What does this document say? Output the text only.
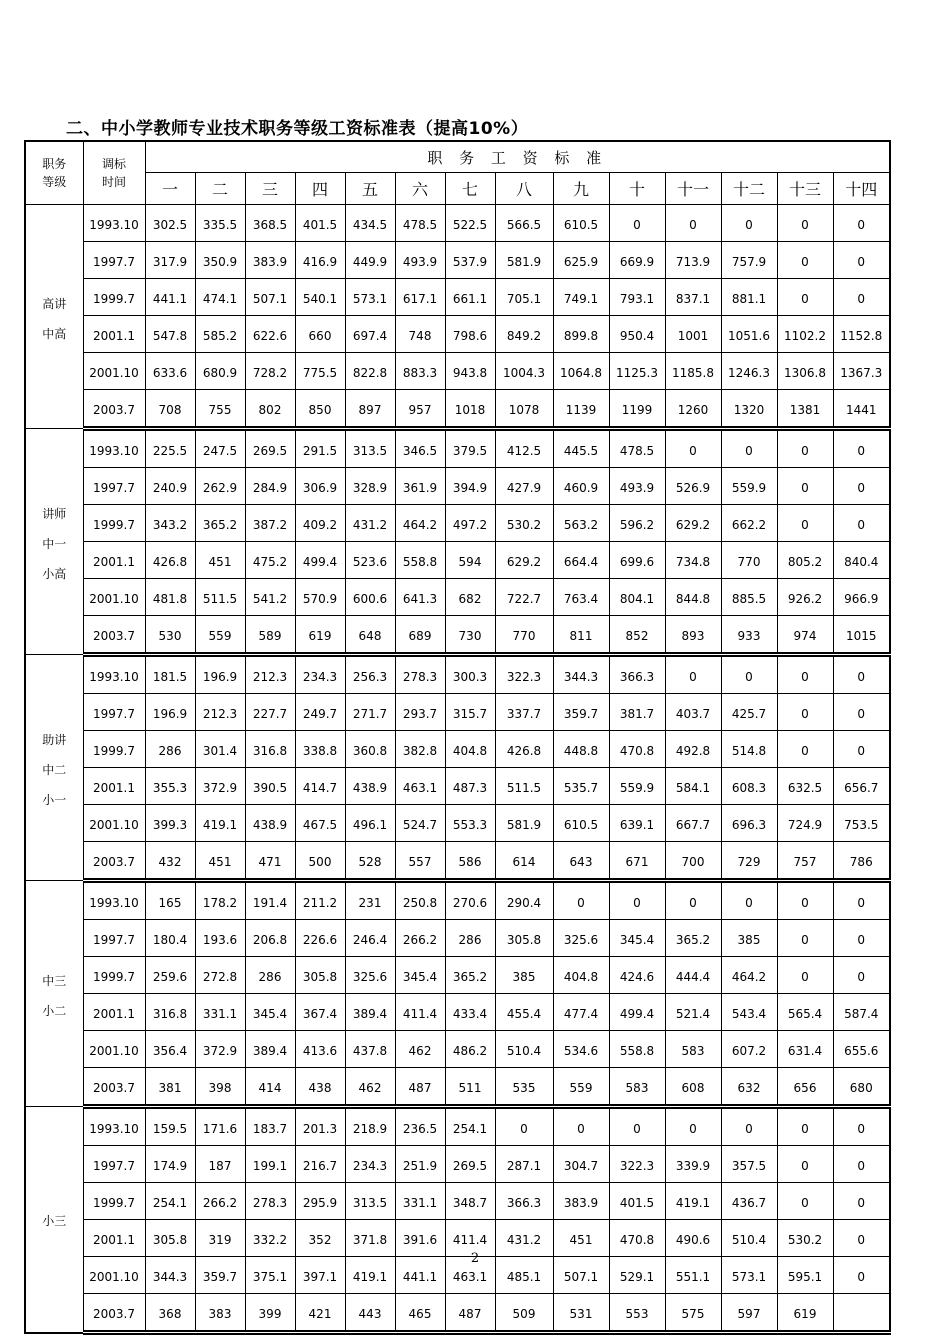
二、中小学教师专业技术职务等级工资标准表（提高10%）
职务
等级	调标
时间	职 务 工 资 标 准													
		一	二	三	四	五	六	七	八	九	十	十一	十二	十三	十四
高讲
中高	1993.10	302.5	335.5	368.5	401.5	434.5	478.5	522.5	566.5	610.5	0	0	0	0	0
	1997.7	317.9	350.9	383.9	416.9	449.9	493.9	537.9	581.9	625.9	669.9	713.9	757.9	0	0
	1999.7	441.1	474.1	507.1	540.1	573.1	617.1	661.1	705.1	749.1	793.1	837.1	881.1	0	0
	2001.1	547.8	585.2	622.6	660	697.4	748	798.6	849.2	899.8	950.4	1001	1051.6	1102.2	1152.8
	2001.10	633.6	680.9	728.2	775.5	822.8	883.3	943.8	1004.3	1064.8	1125.3	1185.8	1246.3	1306.8	1367.3
	2003.7	708	755	802	850	897	957	1018	1078	1139	1199	1260	1320	1381	1441
讲师
中一
小高	1993.10	225.5	247.5	269.5	291.5	313.5	346.5	379.5	412.5	445.5	478.5	0	0	0	0
	1997.7	240.9	262.9	284.9	306.9	328.9	361.9	394.9	427.9	460.9	493.9	526.9	559.9	0	0
	1999.7	343.2	365.2	387.2	409.2	431.2	464.2	497.2	530.2	563.2	596.2	629.2	662.2	0	0
	2001.1	426.8	451	475.2	499.4	523.6	558.8	594	629.2	664.4	699.6	734.8	770	805.2	840.4
	2001.10	481.8	511.5	541.2	570.9	600.6	641.3	682	722.7	763.4	804.1	844.8	885.5	926.2	966.9
	2003.7	530	559	589	619	648	689	730	770	811	852	893	933	974	1015
助讲
中二
小一	1993.10	181.5	196.9	212.3	234.3	256.3	278.3	300.3	322.3	344.3	366.3	0	0	0	0
	1997.7	196.9	212.3	227.7	249.7	271.7	293.7	315.7	337.7	359.7	381.7	403.7	425.7	0	0
	1999.7	286	301.4	316.8	338.8	360.8	382.8	404.8	426.8	448.8	470.8	492.8	514.8	0	0
	2001.1	355.3	372.9	390.5	414.7	438.9	463.1	487.3	511.5	535.7	559.9	584.1	608.3	632.5	656.7
	2001.10	399.3	419.1	438.9	467.5	496.1	524.7	553.3	581.9	610.5	639.1	667.7	696.3	724.9	753.5
	2003.7	432	451	471	500	528	557	586	614	643	671	700	729	757	786
中三
小二	1993.10	165	178.2	191.4	211.2	231	250.8	270.6	290.4	0	0	0	0	0	0
	1997.7	180.4	193.6	206.8	226.6	246.4	266.2	286	305.8	325.6	345.4	365.2	385	0	0
	1999.7	259.6	272.8	286	305.8	325.6	345.4	365.2	385	404.8	424.6	444.4	464.2	0	0
	2001.1	316.8	331.1	345.4	367.4	389.4	411.4	433.4	455.4	477.4	499.4	521.4	543.4	565.4	587.4
	2001.10	356.4	372.9	389.4	413.6	437.8	462	486.2	510.4	534.6	558.8	583	607.2	631.4	655.6
	2003.7	381	398	414	438	462	487	511	535	559	583	608	632	656	680
小三	1993.10	159.5	171.6	183.7	201.3	218.9	236.5	254.1	0	0	0	0	0	0	0
	1997.7	174.9	187	199.1	216.7	234.3	251.9	269.5	287.1	304.7	322.3	339.9	357.5	0	0
	1999.7	254.1	266.2	278.3	295.9	313.5	331.1	348.7	366.3	383.9	401.5	419.1	436.7	0	0
	2001.1	305.8	319	332.2	352	371.8	391.6	411.4	431.2	451	470.8	490.6	510.4	530.2	0
	2001.10	344.3	359.7	375.1	397.1	419.1	441.1	463.1	485.1	507.1	529.1	551.1	573.1	595.1	0
	2003.7	368	383	399	421	443	465	487	509	531	553	575	597	619	
2
